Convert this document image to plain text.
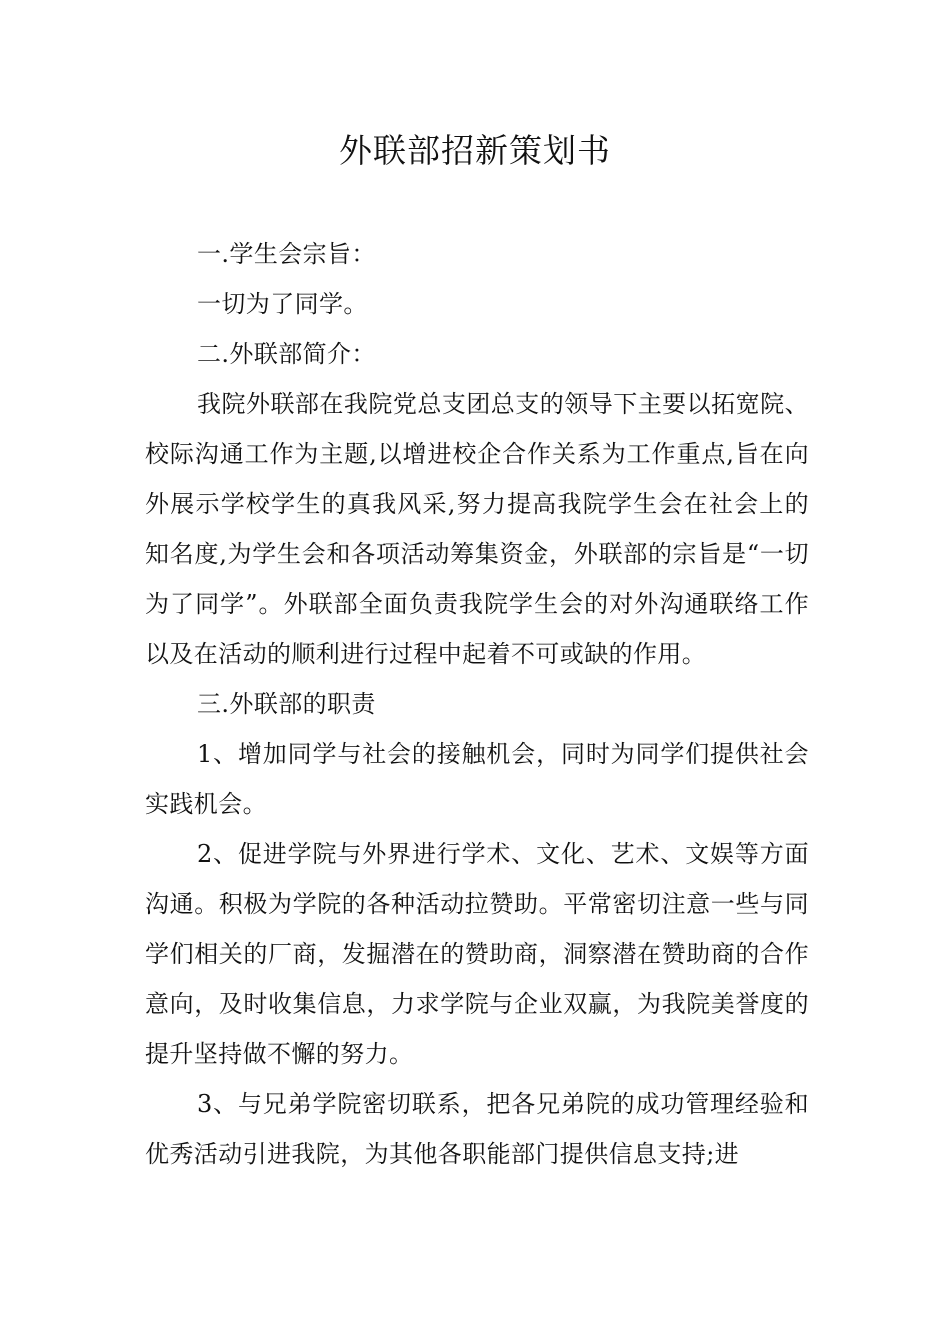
外联部招新策划书

一.学生会宗旨：

一切为了同学。

二.外联部简介：

我院外联部在我院党总支团总支的领导下主要以拓宽院、校际沟通工作为主题,以增进校企合作关系为工作重点,旨在向外展示学校学生的真我风采,努力提高我院学生会在社会上的知名度,为学生会和各项活动筹集资金，外联部的宗旨是“一切为了同学”。外联部全面负责我院学生会的对外沟通联络工作以及在活动的顺利进行过程中起着不可或缺的作用。

三.外联部的职责

1、增加同学与社会的接触机会，同时为同学们提供社会实践机会。

2、促进学院与外界进行学术、文化、艺术、文娱等方面沟通。积极为学院的各种活动拉赞助。平常密切注意一些与同学们相关的厂商，发掘潜在的赞助商，洞察潜在赞助商的合作意向，及时收集信息，力求学院与企业双赢，为我院美誉度的提升坚持做不懈的努力。

3、与兄弟学院密切联系，把各兄弟院的成功管理经验和优秀活动引进我院，为其他各职能部门提供信息支持;进
